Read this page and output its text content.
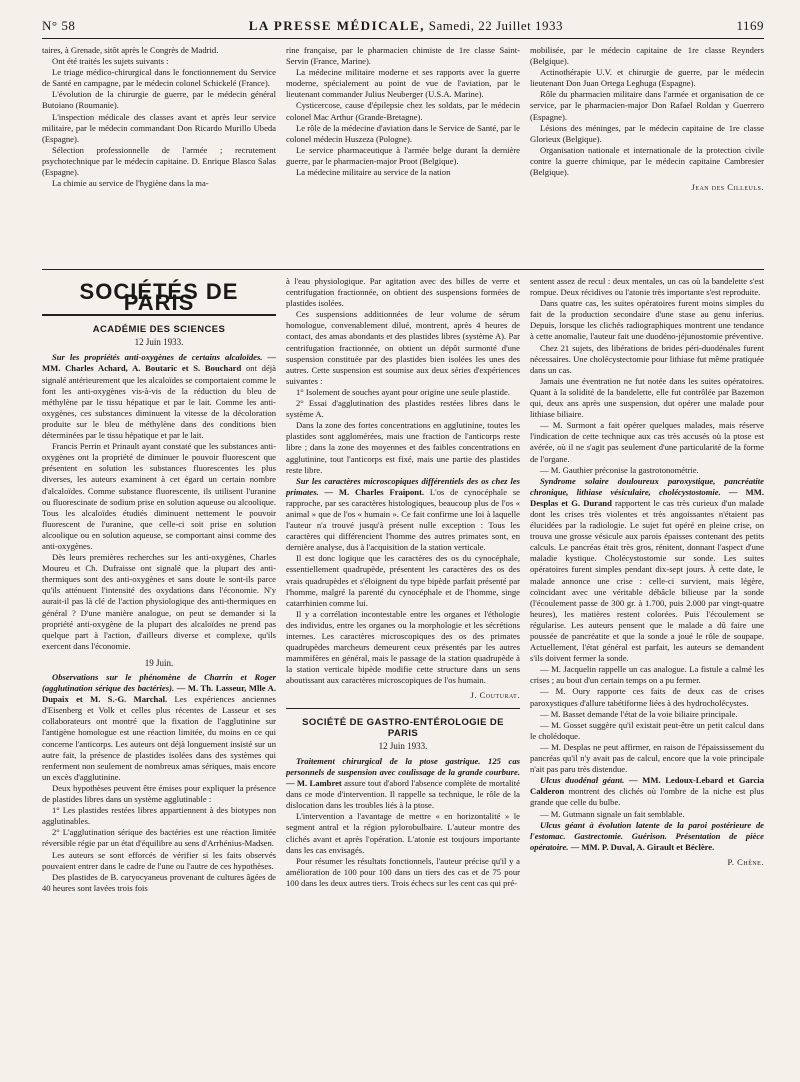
N° 58	LA PRESSE MÉDICALE, Samedi, 22 Juillet 1933	1169

taires, à Grenade, sitôt après le Congrès de Madrid.

Ont été traités les sujets suivants :

Le triage médico-chirurgical dans le fonctionnement du Service de Santé en campagne, par le médecin colonel Schickelé (France).

L'évolution de la chirurgie de guerre, par le médecin général Butoiano (Roumanie).

L'inspection médicale des classes avant et après leur service militaire, par le médecin commandant Don Ricardo Murillo Ubeda (Espagne).

Sélection professionnelle de l'armée ; recrutement psychotechnique par le médecin capitaine. D. Enrique Blasco Salas (Espagne).

La chimie au service de l'hygiène dans la ma-

rine française, par le pharmacien chimiste de 1re classe Saint-Servin (France, Marine).

La médecine militaire moderne et ses rapports avec la guerre moderne, spécialement au point de vue de l'aviation, par le lieutenant commander Julius Neuberger (U.S.A. Marine).

Cysticercose, cause d'épilepsie chez les soldats, par le médecin colonel Mac Arthur (Grande-Bretagne).

Le rôle de la médecine d'aviation dans le Service de Santé, par le colonel médecin Huszeza (Pologne).

Le service pharmaceutique à l'armée belge durant la dernière guerre, par le pharmacien-major Proot (Belgique).

La médecine militaire au service de la nation

mobilisée, par le médecin capitaine de 1re classe Reynders (Belgique).

Actinothérapie U.V. et chirurgie de guerre, par le médecin lieutenant Don Juan Ortega Leghuga (Espagne).

Rôle du pharmacien militaire dans l'armée et organisation de ce service, par le pharmacien-major Don Rafael Roldan y Guerrero (Espagne).

Lésions des méninges, par le médecin capitaine de 1re classe Glorieux (Belgique).

Organisation nationale et internationale de la protection civile contre la guerre chimique, par le médecin capitaine Cambresier (Belgique).

Jean des Cilleuls.
SOCIÉTÉS DE PARIS
ACADÉMIE DES SCIENCES
12 Juin 1933.

Sur les propriétés anti-oxygènes de certains alcaloïdes. — MM. Charles Achard, A. Boutaric et S. Bouchard ont déjà signalé antérieurement que les alcaloïdes se comportaient comme le font les anti-oxygènes vis-à-vis de la réduction du bleu de méthylène par le tissu hépatique et par le lait. Comme les anti-oxygènes, ces substances diminuent la vitesse de la décoloration produite sur le bleu de méthylène dans des conditions bien déterminées par le tissu hépatique et par le lait.

Francis Perrin et Prinault ayant constaté que les substances anti-oxygènes ont la propriété de diminuer le pouvoir fluorescent que présentent en solution les substances fluorescentes les plus diverses, les auteurs examinent à cet égard un certain nombre d'alcaloïdes. Comme substance fluorescente, ils utilisent l'uranine ou fluorescinate de sodium prise en solution aqueuse ou alcoolique. Tous les alcaloïdes étudiés diminuent nettement le pouvoir fluorescent de l'uranine, que celle-ci soit prise en solution alcoolique ou en solution aqueuse, se comportant ainsi comme des anti-oxygènes.

Dès leurs premières recherches sur les anti-oxygènes, Charles Moureu et Ch. Dufraisse ont signalé que la plupart des anti-thermiques sont des anti-oxygènes et sans doute le sont-ils parce qu'ils atténuent l'intensité des oxydations dans l'économie. N'y aurait-il pas là clé de l'action physiologique des anti-thermiques en général ? D'une manière analogue, on peut se demander si la propriété anti-oxygène de la plupart des alcaloïdes ne prend pas quelque part à l'action, d'ailleurs diverse et complexe, qu'ils exercent dans l'économie.

19 Juin.

Observations sur le phénomène de Charrin et Roger (agglutination sérique des bactéries). — M. Th. Lasseur, Mlle A. Dupaix et M. S.-G. Marchal. Les expériences anciennes d'Eisenberg et Volk et celles plus récentes de Lasseur et ses collaborateurs ont montré que la fixation de l'agglutinine sur l'antigène homologue est une réaction limitée, du moins en ce qui concerne l'anticorps. Les auteurs ont déjà longuement insisté sur un autre fait, la présence de plastides isolées dans des systèmes qui renferment non seulement de nombreux amas sériques, mais encore un excès d'agglutinine.

Deux hypothèses peuvent être émises pour expliquer la présence de plastides libres dans un système agglutinable :

1° Les plastides restées libres appartiennent à des biotypes non agglutinables.

2° L'agglutination sérique des bactéries est une réaction limitée réversible régie par un état d'équilibre au sens d'Arrhénius-Madsen.

Les auteurs se sont efforcés de vérifier si les faits observés pouvaient entrer dans le cadre de l'une ou l'autre de ces hypothèses.

Des plastides de B. caryocyaneus provenant de cultures âgées de 40 heures sont lavées trois fois

à l'eau physiologique. Par agitation avec des billes de verre et centrifugation fractionnée, on obtient des suspensions formées de plastides isolées.

Ces suspensions additionnées de leur volume de sérum homologue, convenablement dilué, montrent, après 4 heures de contact, des amas abondants et des plastides libres (système A). Par centrifugation fractionnée, on obtient un dépôt surmonté d'une suspension constituée par des plastides bien isolées les unes des autres. Cette suspension est soumise aux deux séries d'expériences suivantes :

1° Isolement de souches ayant pour origine une seule plastide.

2° Essai d'agglutination des plastides restées libres dans le système A.

Dans la zone des fortes concentrations en agglutinine, toutes les plastides sont agglomérées, mais une fraction de l'anticorps reste libre ; dans la zone des moyennes et des faibles concentrations en agglutinine, tout l'anticorps est fixé, mais une partie des plastides reste libre.

Sur les caractères microscopiques différentiels des os chez les primates. — M. Charles Fraipont. L'os de cynocéphale se rapproche, par ses caractères histologiques, beaucoup plus de l'os « animal » que de l'os « humain ». Ce fait confirme une loi à laquelle l'auteur n'a trouvé jusqu'à présent nulle exception : Tous les caractères qui différencient l'homme des autres primates sont, en dernière analyse, dus à l'acquisition de la station verticale.

Il est donc logique que les caractères des os du cynocéphale, essentiellement quadrupède, présentent les caractères des os des vrais quadrupèdes et s'éloignent du type bipède parfait présenté par l'homme, malgré la parenté du cynocéphale et de l'homme, singe catarrhinien comme lui.

Il y a corrélation incontestable entre les organes et l'éthologie des individus, entre les organes ou la morphologie et les sécrétions internes. Les caractères microscopiques des os des primates quadrupèdes marcheurs demeurent ceux présentés par les autres mammifères en général, mais le passage de la station quadrupède à la station verticale bipède modifie cette structure dans un sens aboutissant aux caractères microscopiques de l'os humain.

J. Couturat.
SOCIÉTÉ DE GASTRO-ENTÉROLOGIE DE PARIS
12 Juin 1933.

Traitement chirurgical de la ptose gastrique. 125 cas personnels de suspension avec coulissage de la grande courbure. — M. Lambret assure tout d'abord l'absence complète de mortalité dans ce mode d'intervention. Il rappelle sa technique, le rôle de la dislocation dans les troubles liés à la ptose.

L'intervention a l'avantage de mettre « en horizontalité » le segment antral et la région pylorobulbaire. L'auteur montre des clichés avant et après l'opération. L'atonie est toujours importante dans les cas envisagés.

Pour résumer les résultats fonctionnels, l'auteur précise qu'il y a amélioration de 100 pour 100 dans un tiers des cas et de 75 pour 100 dans les deux autres tiers. Trois échecs sur les cent cas qui pré-

sentent assez de recul : deux mentales, un cas où la bandelette s'est rompue. Deux récidives ou l'atonie très importante s'est reproduite.

Dans quatre cas, les suites opératoires furent moins simples du fait de la production secondaire d'une stase au genu inferius. Depuis, lorsque les clichés radiographiques montrent une tendance à cette anomalie, l'auteur fait une duodéno-jéjunostomie préventive.

Chez 21 sujets, des libérations de brides péri-duodénales furent nécessaires. Une cholécystectomie pour lithiase fut même pratiquée dans un cas.

Jamais une éventration ne fut notée dans les suites opératoires. Quant à la solidité de la bandelette, elle fut contrôlée par Bazemon qui, deux ans après une suspension, dut opérer une malade pour lithiase biliaire.

— M. Surmont a fait opérer quelques malades, mais réserve l'indication de cette technique aux cas très accusés où la ptose est avérée, où il ne s'agit pas seulement d'une particularité de la forme de l'organe.

— M. Gauthier préconise la gastrotonométrie.

Syndrome solaire douloureux paroxystique, pancréatite chronique, lithiase vésiculaire, cholécystostomie. — MM. Desplas et G. Durand rapportent le cas très curieux d'un malade dont les crises très violentes et très angoissantes n'étaient pas élucidées par la radiologie. Le sujet fut opéré en pleine crise, on trouva une grosse vésicule aux parois épaisses contenant des petits calculs. Le pancréas était très gros, rénitent, donnant l'aspect d'une maladie kystique. Cholécystostomie sur sonde. Les suites opératoires furent simples pendant dix-sept jours. À cette date, le malade annonce une crise : celle-ci survient, mais légère, coïncidant avec une véritable débâcle bilieuse par la sonde (l'écoulement passe de 300 gr. à 1.700, puis 2.000 par vingt-quatre heures), les matières restent colorées. Puis l'écoulement se régularise. Les auteurs pensent que le malade a dû faire une poussée de pancréatite et que la sonde a joué le rôle de soupape. Actuellement, l'état général est parfait, les auteurs se demandent s'ils doivent fermer la sonde.

— M. Jacquelin rappelle un cas analogue. La fistule a calmé les crises ; au bout d'un certain temps on a pu fermer.

— M. Oury rapporte ces faits de deux cas de crises paroxystiques d'allure tabétiforme liées à des hydrocholécystes.

— M. Basset demande l'état de la voie biliaire principale.

— M. Gosset suggère qu'il existait peut-être un petit calcul dans le cholédoque.

— M. Desplas ne peut affirmer, en raison de l'épaississement du pancréas qu'il n'y avait pas de calcul, encore que la voie principale n'ait pas paru très distendue.

Ulcus duodénal géant. — MM. Ledoux-Lebard et Garcia Calderon montrent des clichés où l'ombre de la niche est plus grande que celle du bulbe.

— M. Gutmann signale un fait semblable.

Ulcus géant à évolution latente de la paroi postérieure de l'estomac. Gastrectomie. Guérison. Présentation de pièce opératoire. — MM. P. Duval, A. Girault et Béclère.

P. Chêne.
